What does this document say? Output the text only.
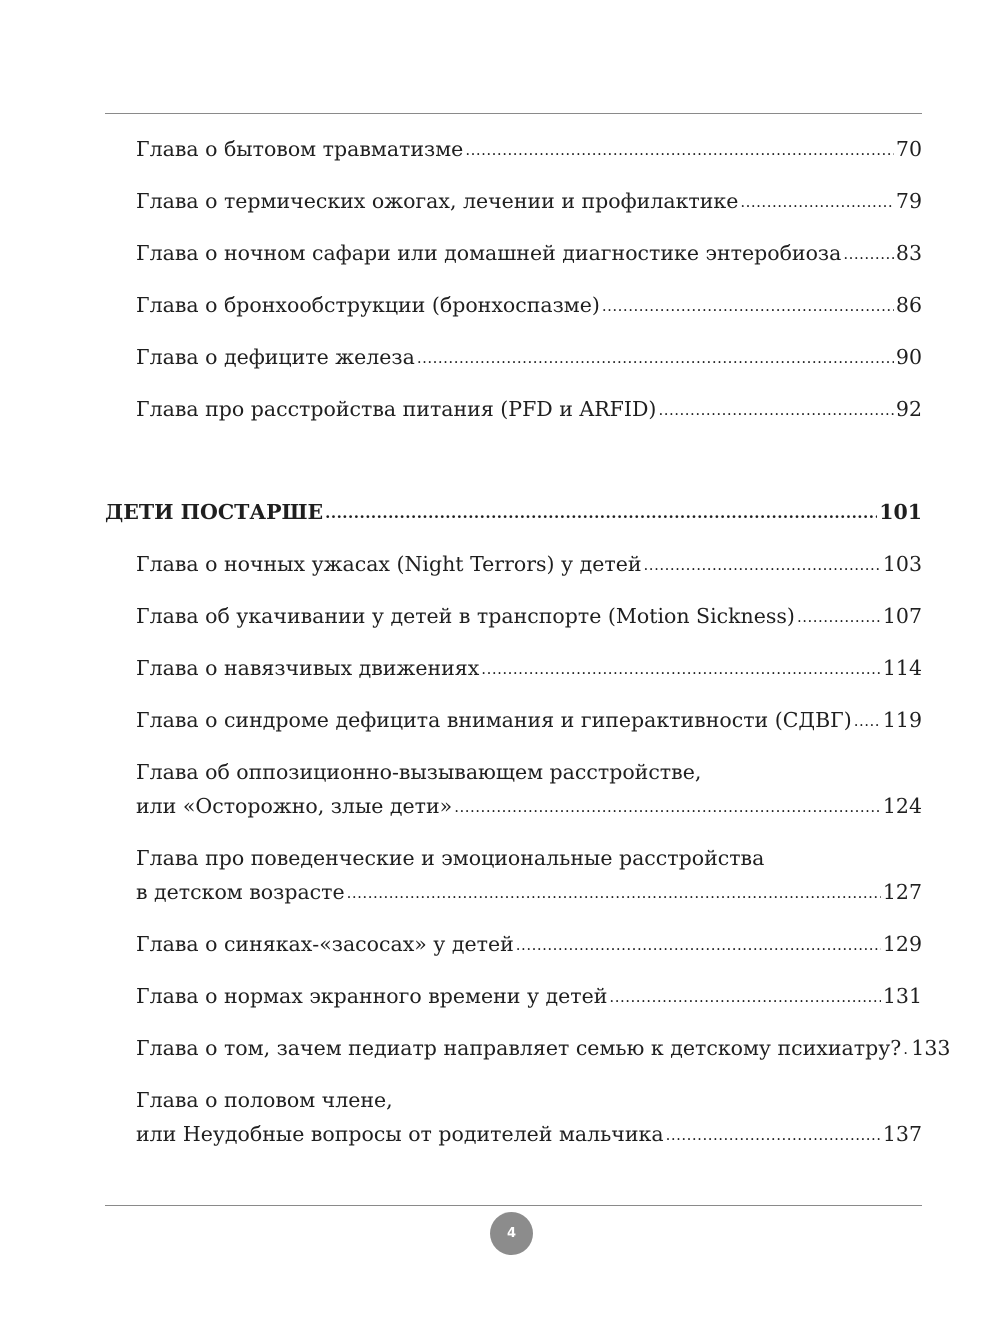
Глава о бытовом травматизме .....	70
Глава о термических ожогах, лечении и профилактике .....	79
Глава о ночном сафари или домашней диагностике энтеробиоза .....	83
Глава о бронхообструкции (бронхоспазме) .....	86
Глава о дефиците железа .....	90
Глава про расстройства питания (PFD и ARFID) .....	92
ДЕТИ ПОСТАРШЕ .....	101
Глава о ночных ужасах (Night Terrors) у детей .....	103
Глава об укачивании у детей в транспорте (Motion Sickness) .....	107
Глава о навязчивых движениях .....	114
Глава о синдроме дефицита внимания и гиперактивности (СДВГ) ..... 119
Глава об оппозиционно-вызывающем расстройстве,
или «Осторожно, злые дети» .....	124
Глава про поведенческие и эмоциональные расстройства
в детском возрасте .....	127
Глава о синяках-«засосах» у детей .....	129
Глава о нормах экранного времени у детей .....	131
Глава о том, зачем педиатр направляет семью к детскому психиатру? ..... 133
Глава о половом члене,
или Неудобные вопросы от родителей мальчика .....	137
4
